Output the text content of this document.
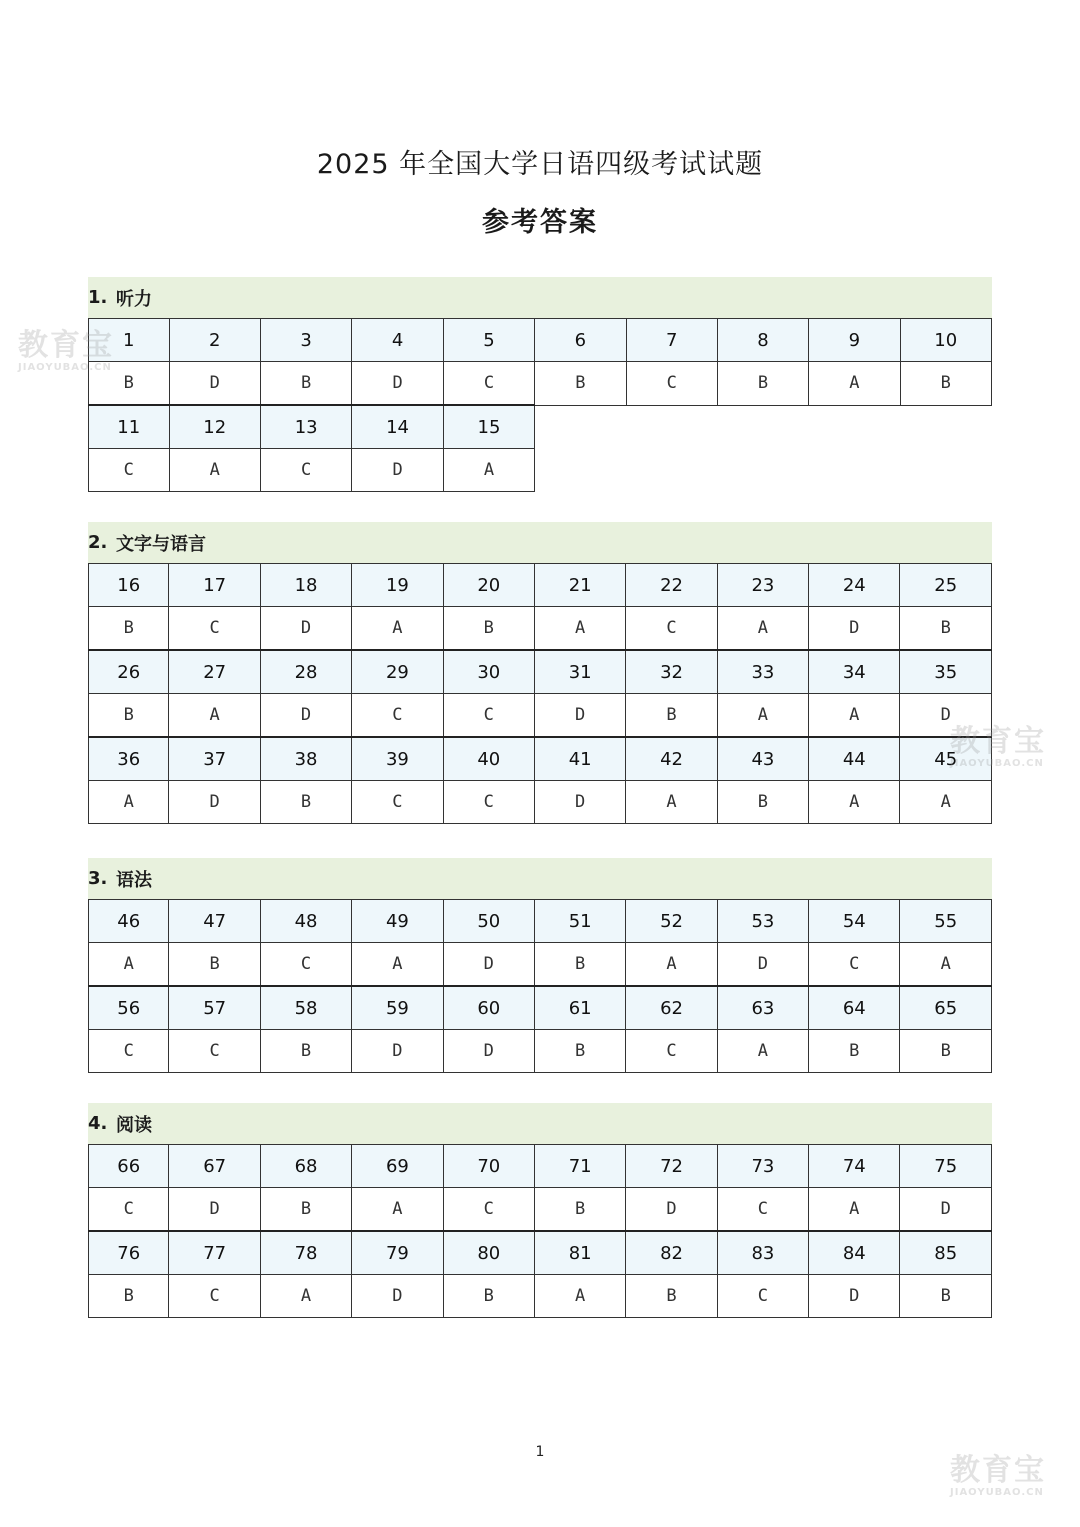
2025 年全国大学日语四级考试试题
参考答案
1. 听力
1	2	3	4	5	6	7	8	9	10
B	D	B	D	C	B	C	B	A	B
11	12	13	14	15					
C	A	C	D	A					
2. 文字与语言
16	17	18	19	20	21	22	23	24	25
B	C	D	A	B	A	C	A	D	B
26	27	28	29	30	31	32	33	34	35
B	A	D	C	C	D	B	A	A	D
36	37	38	39	40	41	42	43	44	45
A	D	B	C	C	D	A	B	A	A
3. 语法
46	47	48	49	50	51	52	53	54	55
A	B	C	A	D	B	A	D	C	A
56	57	58	59	60	61	62	63	64	65
C	C	B	D	D	B	C	A	B	B
4. 阅读
66	67	68	69	70	71	72	73	74	75
C	D	B	A	C	B	D	C	A	D
76	77	78	79	80	81	82	83	84	85
B	C	A	D	B	A	B	C	D	B
1
教育宝
JIAOYUBAO.CN
教育宝
JIAOYUBAO.CN
教育宝
JIAOYUBAO.CN
